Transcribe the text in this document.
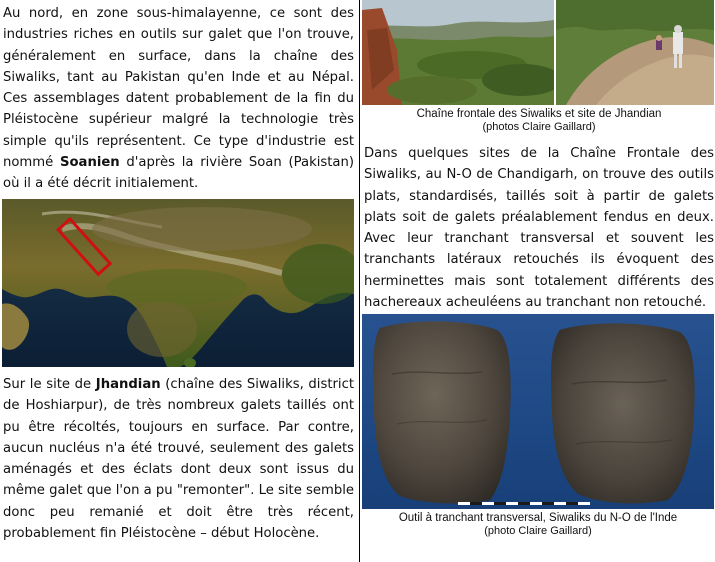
Au nord, en zone sous-himalayenne, ce sont des industries riches en outils sur galet que l'on trouve, généralement en surface, dans la chaîne des Siwaliks, tant au Pakistan qu'en Inde et au Népal. Ces assemblages datent probablement de la fin du Pléistocène supérieur malgré la technologie très simple qu'ils représentent. Ce type d'industrie est nommé Soanien d'après la rivière Soan (Pakistan) où il a été décrit initialement.

Sur le site de Jhandian (chaîne des Siwaliks, district de Hoshiarpur), de très nombreux galets taillés ont pu être récoltés, toujours en surface. Par contre, aucun nucléus n'a été trouvé, seulement des galets aménagés et des éclats dont deux sont issus du même galet que l'on a pu "remonter". Le site semble donc peu remanié et doit être très récent, probablement fin Pléistocène – début Holocène.

Chaîne frontale des Siwaliks et site de Jhandian
(photos Claire Gaillard)

Dans quelques sites de la Chaîne Frontale des Siwaliks, au N-O de Chandigarh, on trouve des outils plats, standardisés, taillés soit à partir de galets plats soit de galets préalablement fendus en deux. Avec leur tranchant transversal et souvent les tranchants latéraux retouchés ils évoquent des herminettes mais sont totalement différents des hachereaux acheuléens au tranchant non retouché.

Outil à tranchant transversal, Siwaliks du N-O de l'Inde
(photo Claire Gaillard)
